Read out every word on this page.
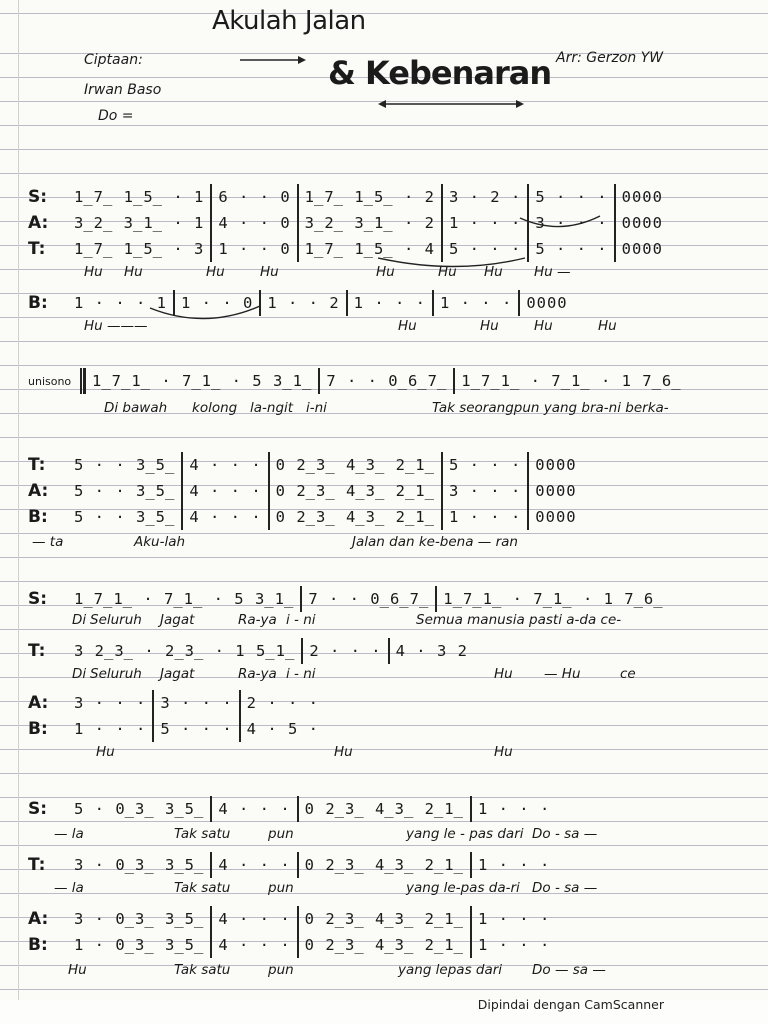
Akulah Jalan
& Kebenaran
Ciptaan:
Irwan Baso
Do =
Arr: Gerzon YW
S:	1̲7̲ 1̲5̲ · 1 6 · · 0 1̲7̲ 1̲5̲ · 2 3 · 2 · 5 · · · 0000
A:	3̲2̲ 3̲1̲ · 1 4 · · 0 3̲2̲ 3̲1̲ · 2 1 · · · 3 · · · 0000
T:	1̲7̲ 1̲5̲ · 3 1 · · 0 1̲7̲ 1̲5̲ · 4 5 · · · 5 · · · 0000
Hu Hu	Hu	Hu	Hu	Hu Hu Hu —
B:	1 · · · 1 1 · · 0 1 · · 2 1 · · · 1 · · · 0000
Hu ———	Hu	Hu	Hu	Hu
unisono	1̲7̲1̲ · 7̲1̲ · 5 3̲1̲ 7 · · 0̲6̲7̲ 1̲7̲1̲ · 7̲1̲ · 1 7̲6̲
Di bawah kolong la-ngit i-ni	Tak seorangpun yang bra-ni berka-
T:	5 · · 3̲5̲ 4 · · · 0 2̲3̲ 4̲3̲ 2̲1̲ 5 · · · 0000
A:	5 · · 3̲5̲ 4 · · · 0 2̲3̲ 4̲3̲ 2̲1̲ 3 · · · 0000
B:	5 · · 3̲5̲ 4 · · · 0 2̲3̲ 4̲3̲ 2̲1̲ 1 · · · 0000
— ta	Aku-lah	Jalan dan ke-bena — ran
S:	1̲7̲1̲ · 7̲1̲ · 5 3̲1̲ 7 · · 0̲6̲7̲ 1̲7̲1̲ · 7̲1̲ · 1 7̲6̲
Di Seluruh Jagat	Ra-ya i - ni	Semua manusia pasti a-da ce-
T:	3 2̲3̲ · 2̲3̲ · 1 5̲1̲ 2 · · · 4 · 3 2
Di Seluruh Jagat	Ra-ya i - ni	Hu — Hu	ce
A:	3 · · · 3 · · · 2 · · ·
B:	1 · · · 5 · · · 4 · 5 ·
Hu	Hu	Hu
S:	5 · 0̲3̲ 3̲5̲ 4 · · · 0 2̲3̲ 4̲3̲ 2̲1̲ 1 · · ·
— la	Tak satu	pun	yang le - pas dari Do - sa —
T:	3 · 0̲3̲ 3̲5̲ 4 · · · 0 2̲3̲ 4̲3̲ 2̲1̲ 1 · · ·
— la	Tak satu	pun	yang le-pas da-ri Do - sa —
A:	3 · 0̲3̲ 3̲5̲ 4 · · · 0 2̲3̲ 4̲3̲ 2̲1̲ 1 · · ·
B:	1 · 0̲3̲ 3̲5̲ 4 · · · 0 2̲3̲ 4̲3̲ 2̲1̲ 1 · · ·
Hu	Tak satu	pun	yang lepas dari Do — sa —
Dipindai dengan CamScanner
